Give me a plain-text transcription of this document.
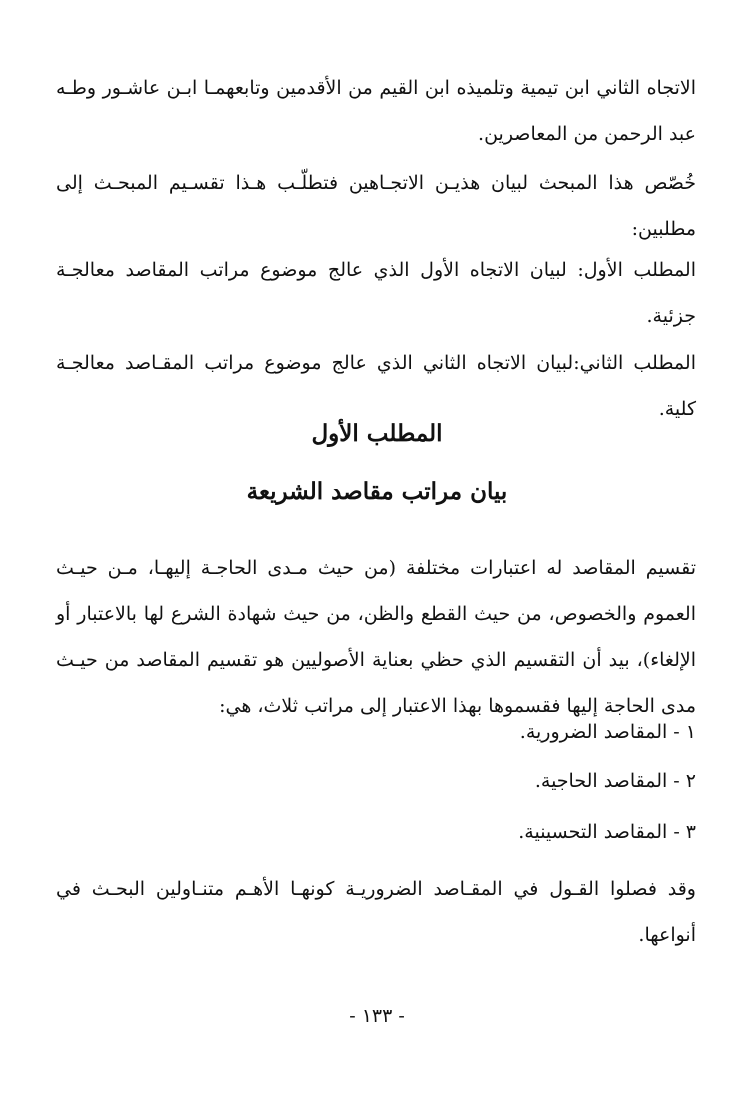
الاتجاه الثاني ابن تيمية وتلميذه ابن القيم من الأقدمين وتابعهمـا ابـن عاشـور وطـه عبد الرحمن من المعاصرين.

خُصّص هذا المبحث لبيان هذيـن الاتجـاهين فتطلّـب هـذا تقسـيم المبحـث إلى مطلبين:

المطلب الأول: لبيان الاتجاه الأول الذي عالج موضوع مراتب المقاصد معالجـة جزئية.

المطلب الثاني:لبيان الاتجاه الثاني الذي عالج موضوع مراتب المقـاصد معالجـة كلية.

المطلب الأول
بيان مراتب مقاصد الشريعة

تقسيم المقاصد له اعتبارات مختلفة (من حيث مـدى الحاجـة إليهـا، مـن حيـث العموم والخصوص، من حيث القطع والظن، من حيث شهادة الشرع لها بالاعتبار أو الإلغاء)، بيد أن التقسيم الذي حظي بعناية الأصوليين هو تقسيم المقاصد من حيـث مدى الحاجة إليها فقسموها بهذا الاعتبار إلى مراتب ثلاث، هي:

١ - المقاصد الضرورية.

٢ - المقاصد الحاجية.

٣ - المقاصد التحسينية.

وقد فصلوا القـول في المقـاصد الضروريـة كونهـا الأهـم متنـاولين البحـث في أنواعها.

- ١٣٣ -
